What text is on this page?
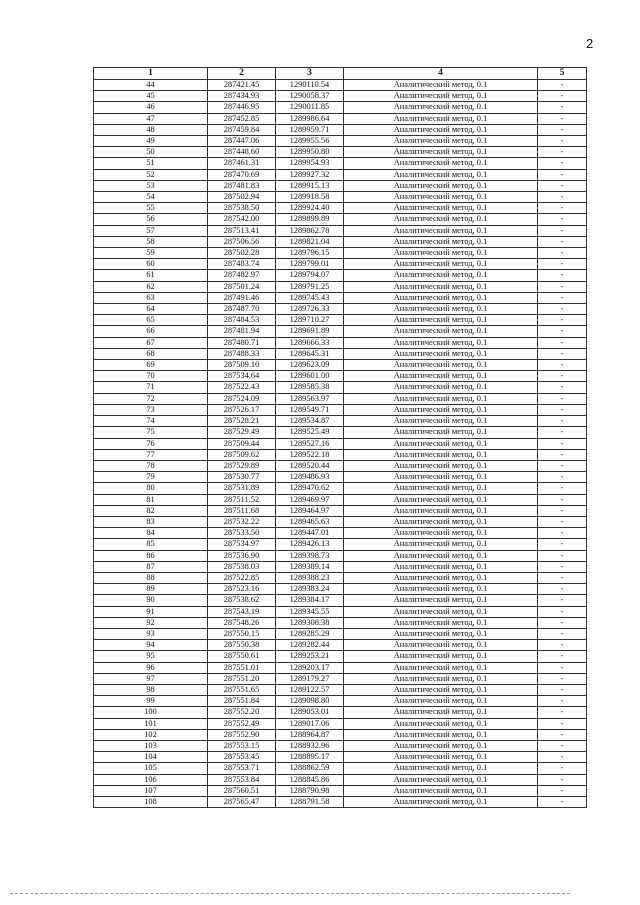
2
1	2	3	4	5
44	287421.45	1290110.54	Аналитический метод, 0.1	-
45	287434.93	1290058.37	Аналитический метод, 0.1	-
46	287446.95	1290011.85	Аналитический метод, 0.1	-
47	287452.85	1289986.64	Аналитический метод, 0.1	-
48	287459.84	1289959.71	Аналитический метод, 0.1	-
49	287447.06	1289955.56	Аналитический метод, 0.1	-
50	287448.60	1289950.80	Аналитический метод, 0.1	-
51	287461.31	1289954.93	Аналитический метод, 0.1	-
52	287470.69	1289927.32	Аналитический метод, 0.1	-
53	287481.83	1289915.13	Аналитический метод, 0.1	-
54	287502.94	1289918.58	Аналитический метод, 0.1	-
55	287538.50	1289924.40	Аналитический метод, 0.1	-
56	287542.00	1289899.89	Аналитический метод, 0.1	-
57	287513.41	1289862.78	Аналитический метод, 0.1	-
58	287506.56	1289821.04	Аналитический метод, 0.1	-
59	287502.28	1289796.15	Аналитический метод, 0.1	-
60	287483.74	1289799.01	Аналитический метод, 0.1	-
61	287482.97	1289794.07	Аналитический метод, 0.1	-
62	287501.24	1289791.25	Аналитический метод, 0.1	-
63	287491.46	1289745.43	Аналитический метод, 0.1	-
64	287487.70	1289726.33	Аналитический метод, 0.1	-
65	287484.53	1289710.27	Аналитический метод, 0.1	-
66	287481.94	1289691.89	Аналитический метод, 0.1	-
67	287480.71	1289666.33	Аналитический метод, 0.1	-
68	287488.33	1289645.31	Аналитический метод, 0.1	-
69	287509.10	1289623.09	Аналитический метод, 0.1	-
70	287534.64	1289601.00	Аналитический метод, 0.1	-
71	287522.43	1289585.38	Аналитический метод, 0.1	-
72	287524.09	1289563.97	Аналитический метод, 0.1	-
73	287526.17	1289549.71	Аналитический метод, 0.1	-
74	287528.21	1289534.87	Аналитический метод, 0.1	-
75	287529.49	1289525.49	Аналитический метод, 0.1	-
76	287509.44	1289527.16	Аналитический метод, 0.1	-
77	287509.62	1289522.18	Аналитический метод, 0.1	-
78	287529.89	1289520.44	Аналитический метод, 0.1	-
79	287530.77	1289486.93	Аналитический метод, 0.1	-
80	287531.89	1289470.62	Аналитический метод, 0.1	-
81	287511.52	1289469.97	Аналитический метод, 0.1	-
82	287511.68	1289464.97	Аналитический метод, 0.1	-
83	287532.22	1289465.63	Аналитический метод, 0.1	-
84	287533.50	1289447.01	Аналитический метод, 0.1	-
85	287534.97	1289426.13	Аналитический метод, 0.1	-
86	287536.90	1289398.73	Аналитический метод, 0.1	-
87	287538.03	1289389.14	Аналитический метод, 0.1	-
88	287522.85	1289388.23	Аналитический метод, 0.1	-
89	287523.16	1289383.24	Аналитический метод, 0.1	-
90	287538.62	1289384.17	Аналитический метод, 0.1	-
91	287543.19	1289345.55	Аналитический метод, 0.1	-
92	287548.26	1289308.38	Аналитический метод, 0.1	-
93	287550.15	1289285.29	Аналитический метод, 0.1	-
94	287550.38	1289282.44	Аналитический метод, 0.1	-
95	287550.61	1289253.21	Аналитический метод, 0.1	-
96	287551.01	1289203.17	Аналитический метод, 0.1	-
97	287551.20	1289179.27	Аналитический метод, 0.1	-
98	287551.65	1289122.57	Аналитический метод, 0.1	-
99	287551.84	1289098.80	Аналитический метод, 0.1	-
100	287552.20	1289053.01	Аналитический метод, 0.1	-
101	287552.49	1289017.06	Аналитический метод, 0.1	-
102	287552.90	1288964.87	Аналитический метод, 0.1	-
103	287553.15	1288932.96	Аналитический метод, 0.1	-
104	287553.45	1288895.17	Аналитический метод, 0.1	-
105	287553.71	1288862.59	Аналитический метод, 0.1	-
106	287553.84	1288845.86	Аналитический метод, 0.1	-
107	287560.51	1288790.98	Аналитический метод, 0.1	-
108	287565.47	1288791.58	Аналитический метод, 0.1	-
